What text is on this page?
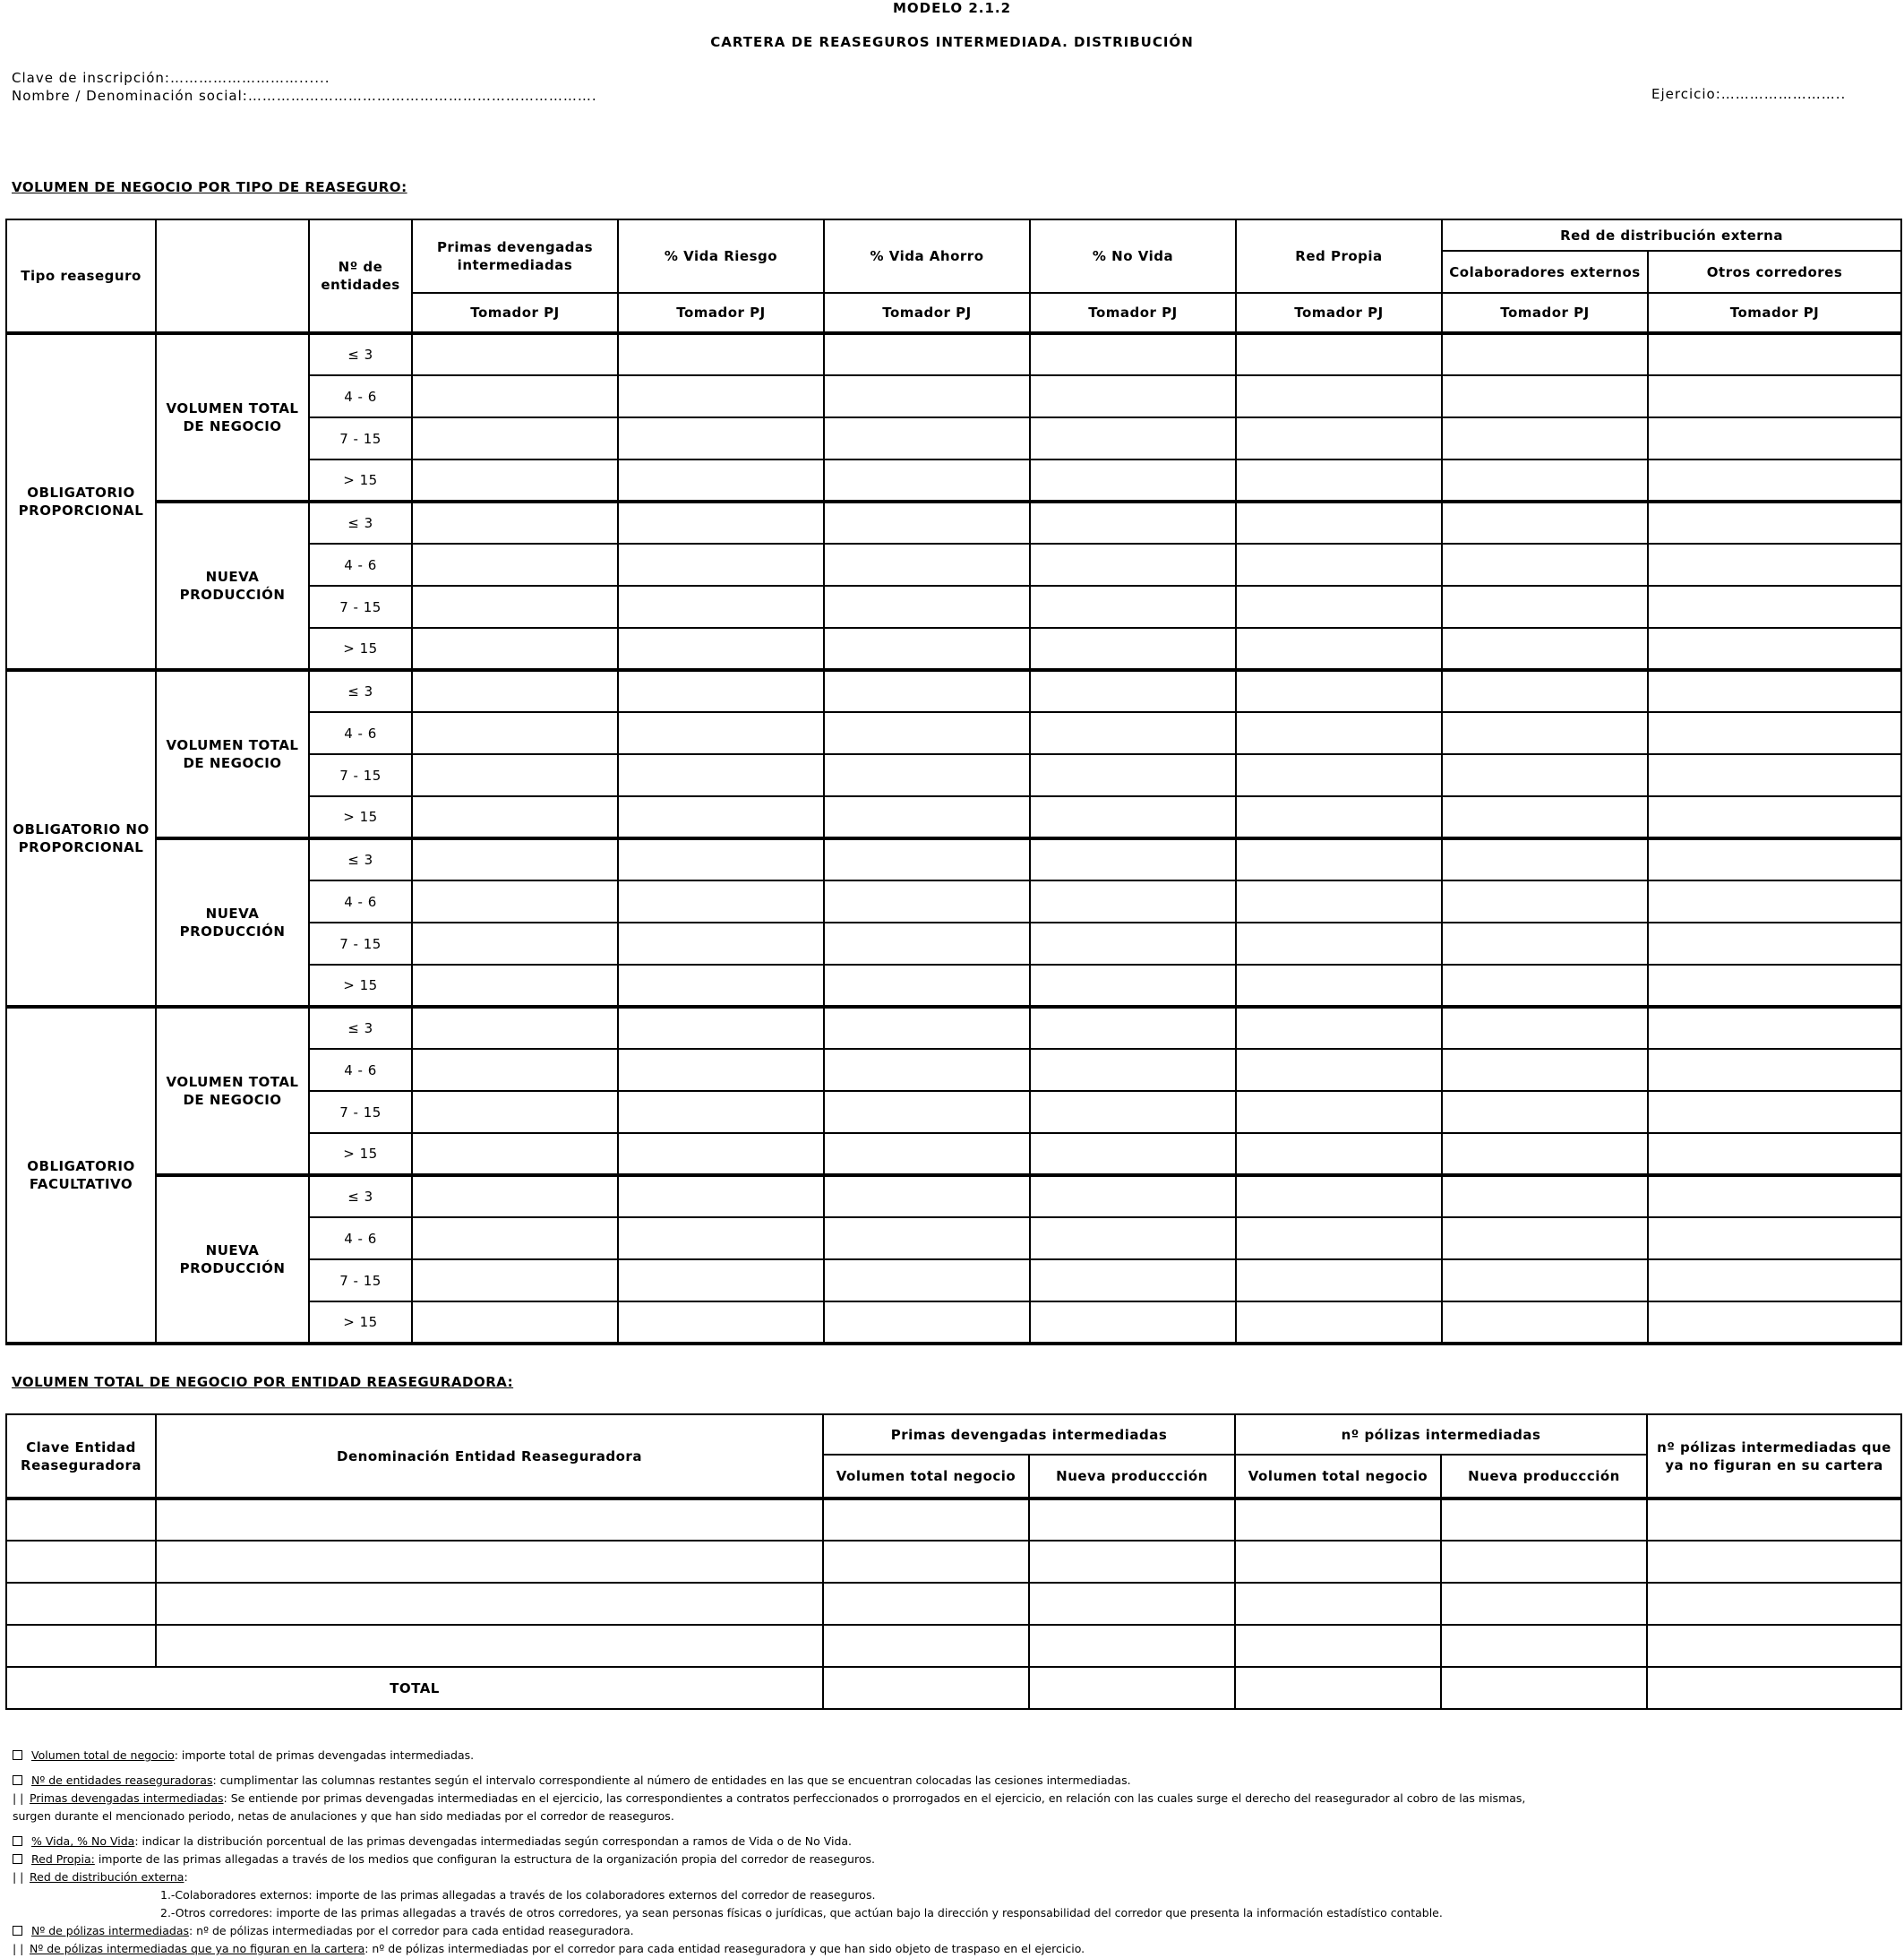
MODELO 2.1.2
CARTERA DE REASEGUROS INTERMEDIADA. DISTRIBUCIÓN
Clave de inscripción:………………………......
Nombre / Denominación social:……………………………………………………………….	Ejercicio:……………………..
VOLUMEN DE NEGOCIO POR TIPO DE REASEGURO:
Tipo reaseguro		Nº de entidades	Primas devengadas intermediadas	% Vida Riesgo	% Vida Ahorro	% No Vida	Red Propia	Red de distribución externa	
								Colaboradores externos	Otros corredores
			Tomador PJ	Tomador PJ	Tomador PJ	Tomador PJ	Tomador PJ	Tomador PJ	Tomador PJ
OBLIGATORIO PROPORCIONAL	VOLUMEN TOTAL DE NEGOCIO	≤ 3							
		4 - 6							
		7 - 15							
		> 15							
	NUEVA PRODUCCIÓN	≤ 3							
		4 - 6							
		7 - 15							
		> 15							
OBLIGATORIO NO PROPORCIONAL	VOLUMEN TOTAL DE NEGOCIO	≤ 3							
		4 - 6							
		7 - 15							
		> 15							
	NUEVA PRODUCCIÓN	≤ 3							
		4 - 6							
		7 - 15							
		> 15							
OBLIGATORIO FACULTATIVO	VOLUMEN TOTAL DE NEGOCIO	≤ 3							
		4 - 6							
		7 - 15							
		> 15							
	NUEVA PRODUCCIÓN	≤ 3							
		4 - 6							
		7 - 15							
		> 15							
VOLUMEN TOTAL DE NEGOCIO POR ENTIDAD REASEGURADORA:
Clave Entidad Reaseguradora	Denominación Entidad Reaseguradora	Primas devengadas intermediadas		nº pólizas intermediadas		nº pólizas intermediadas que ya no figuran en su cartera
		Volumen total negocio	Nueva produccción	Volumen total negocio	Nueva produccción	

TOTAL						
Volumen total de negocio: importe total de primas devengadas intermediadas.
Nº de entidades reaseguradoras: cumplimentar las columnas restantes según el intervalo correspondiente al número de entidades en las que se encuentran colocadas las cesiones intermediadas.
| | Primas devengadas intermediadas: Se entiende por primas devengadas intermediadas en el ejercicio, las correspondientes a contratos perfeccionados o prorrogados en el ejercicio, en relación con las cuales surge el derecho del reasegurador al cobro de las mismas,
surgen durante el mencionado periodo, netas de anulaciones y que han sido mediadas por el corredor de reaseguros.
% Vida, % No Vida: indicar la distribución porcentual de las primas devengadas intermediadas según correspondan a ramos de Vida o de No Vida.
Red Propia: importe de las primas allegadas a través de los medios que configuran la estructura de la organización propia del corredor de reaseguros.
| | Red de distribución externa:
1.-Colaboradores externos: importe de las primas allegadas a través de los colaboradores externos del corredor de reaseguros.
2.-Otros corredores: importe de las primas allegadas a través de otros corredores, ya sean personas físicas o jurídicas, que actúan bajo la dirección y responsabilidad del corredor que presenta la información estadístico contable.
Nº de pólizas intermediadas: nº de pólizas intermediadas por el corredor para cada entidad reaseguradora.
| | Nº de pólizas intermediadas que ya no figuran en la cartera: nº de pólizas intermediadas por el corredor para cada entidad reaseguradora y que han sido objeto de traspaso en el ejercicio.
